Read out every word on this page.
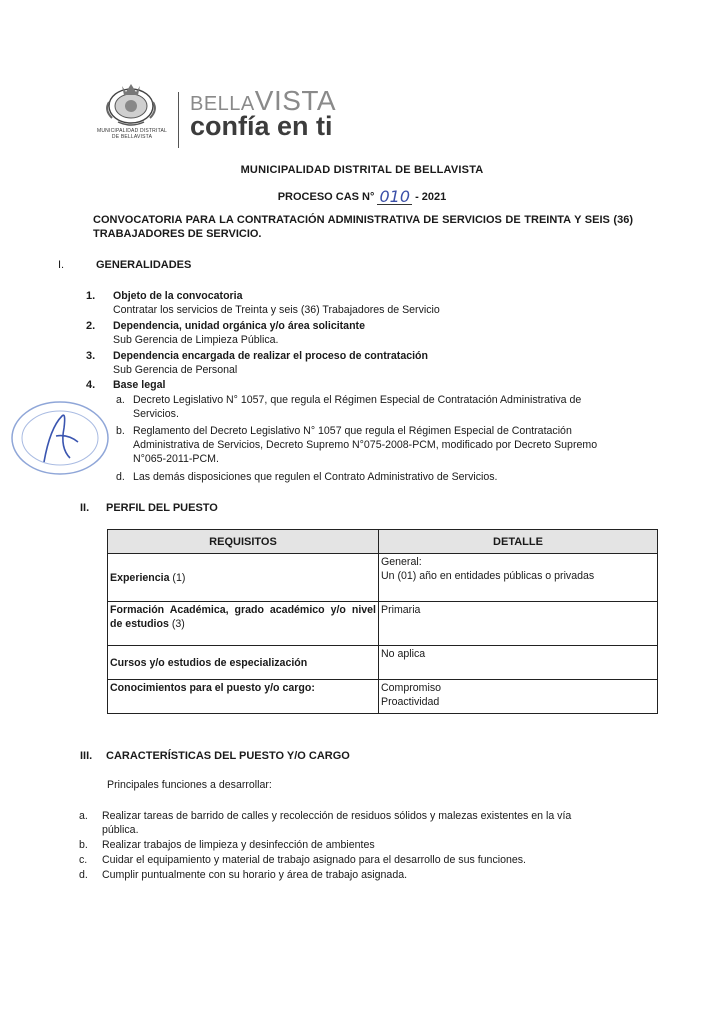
MUNICIPALIDAD DISTRITAL
DE BELLAVISTA
BELLAVISTA
confía en ti
MUNICIPALIDAD DISTRITAL DE BELLAVISTA
PROCESO CAS N° 010 - 2021
CONVOCATORIA PARA LA CONTRATACIÓN ADMINISTRATIVA DE SERVICIOS DE TREINTA Y SEIS (36) TRABAJADORES DE SERVICIO.
I.	GENERALIDADES
1. Objeto de la convocatoria
Contratar los servicios de Treinta y seis (36) Trabajadores de Servicio
2. Dependencia, unidad orgánica y/o área solicitante
Sub Gerencia de Limpieza Pública.
3. Dependencia encargada de realizar el proceso de contratación
Sub Gerencia de Personal
4. Base legal
a. Decreto Legislativo N° 1057, que regula el Régimen Especial de Contratación Administrativa de
Servicios.
b. Reglamento del Decreto Legislativo N° 1057 que regula el Régimen Especial de Contratación
Administrativa de Servicios, Decreto Supremo N°075-2008-PCM, modificado por Decreto Supremo
N°065-2011-PCM.
d. Las demás disposiciones que regulen el Contrato Administrativo de Servicios.
II. PERFIL DEL PUESTO
REQUISITOS	DETALLE
Experiencia (1)	General:
Un (01) año en entidades públicas o privadas

Formación Académica, grado académico y/o nivel de estudios (3)	Primaria

Cursos y/o estudios de especialización	No aplica

Conocimientos para el puesto y/o cargo:	Compromiso
Proactividad
III. CARACTERÍSTICAS DEL PUESTO Y/O CARGO
Principales funciones a desarrollar:
a. Realizar tareas de barrido de calles y recolección de residuos sólidos y malezas existentes en la vía
pública.
b. Realizar trabajos de limpieza y desinfección de ambientes
c. Cuidar el equipamiento y material de trabajo asignado para el desarrollo de sus funciones.
d. Cumplir puntualmente con su horario y área de trabajo asignada.
